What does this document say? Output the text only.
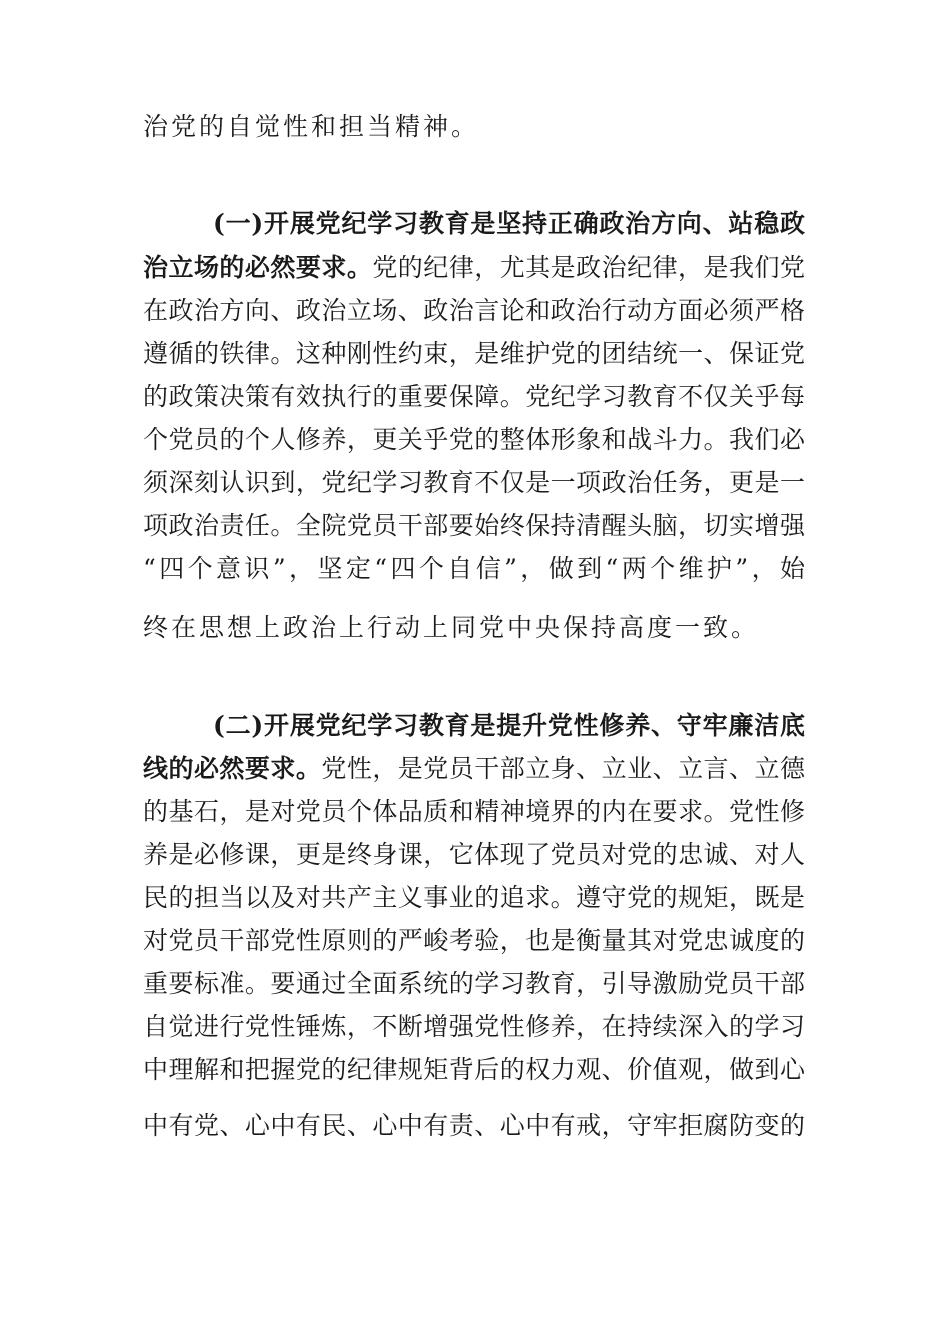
治党的自觉性和担当精神。
(一)开展党纪学习教育是坚持正确政治方向、站稳政
治立场的必然要求。党的纪律，尤其是政治纪律，是我们党
在政治方向、政治立场、政治言论和政治行动方面必须严格
遵循的铁律。这种刚性约束，是维护党的团结统一、保证党
的政策决策有效执行的重要保障。党纪学习教育不仅关乎每
个党员的个人修养，更关乎党的整体形象和战斗力。我们必
须深刻认识到，党纪学习教育不仅是一项政治任务，更是一
项政治责任。全院党员干部要始终保持清醒头脑，切实增强
“四个意识”，坚定“四个自信”，做到“两个维护”，始
终在思想上政治上行动上同党中央保持高度一致。
(二)开展党纪学习教育是提升党性修养、守牢廉洁底
线的必然要求。党性，是党员干部立身、立业、立言、立德
的基石，是对党员个体品质和精神境界的内在要求。党性修
养是必修课，更是终身课，它体现了党员对党的忠诚、对人
民的担当以及对共产主义事业的追求。遵守党的规矩，既是
对党员干部党性原则的严峻考验，也是衡量其对党忠诚度的
重要标准。要通过全面系统的学习教育，引导激励党员干部
自觉进行党性锤炼，不断增强党性修养，在持续深入的学习
中理解和把握党的纪律规矩背后的权力观、价值观，做到心
中有党、心中有民、心中有责、心中有戒，守牢拒腐防变的
